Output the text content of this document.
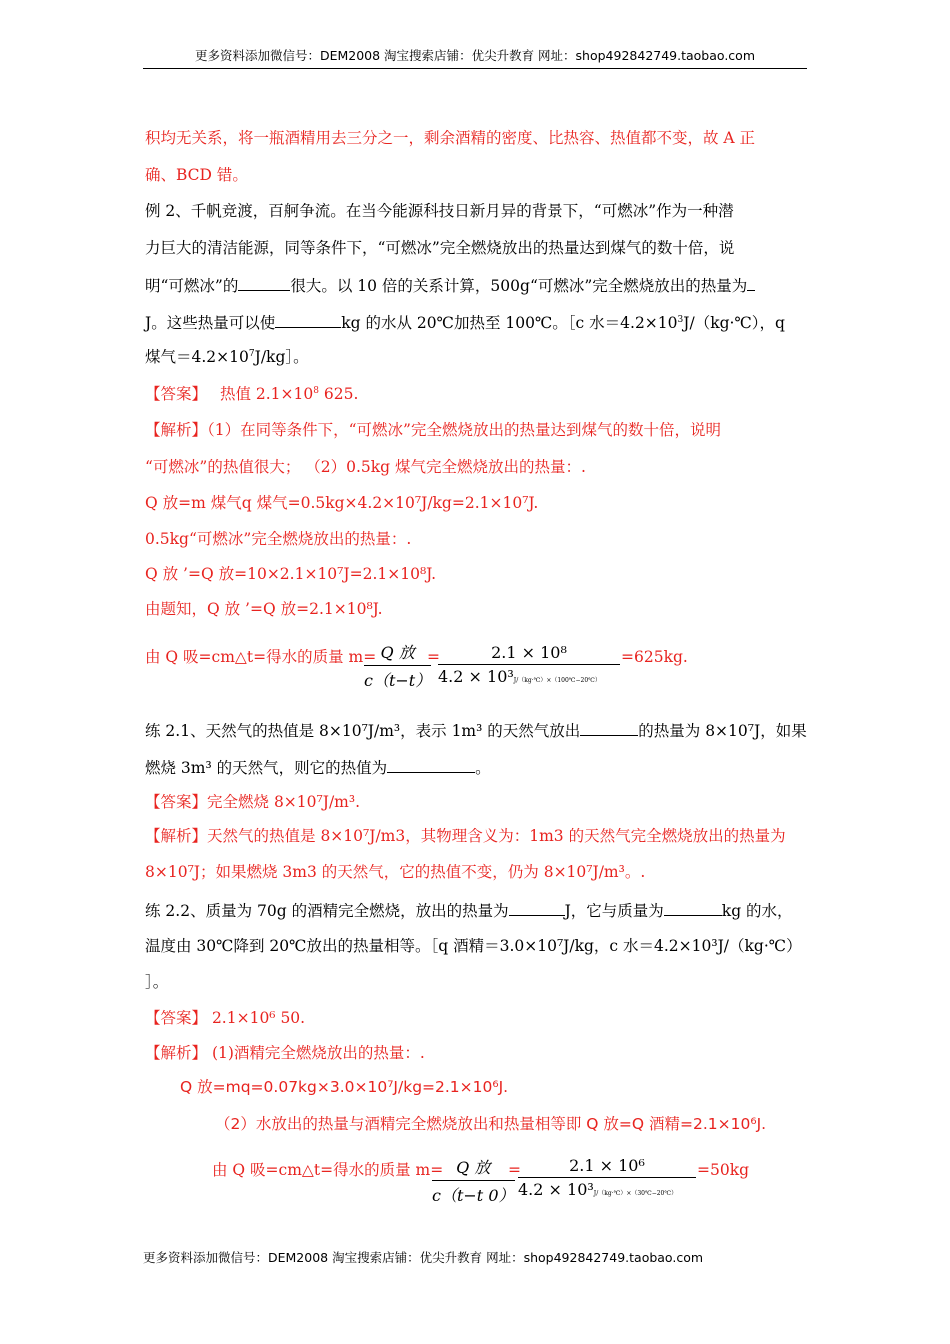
更多资料添加微信号：DEM2008 淘宝搜索店铺：优尖升教育 网址：shop492842749.taobao.com
积均无关系，将一瓶酒精用去三分之一，剩余酒精的密度、比热容、热值都不变，故 A 正
确、BCD 错。
例 2、千帆竞渡，百舸争流。在当今能源科技日新月异的背景下，“可燃冰”作为一种潜
力巨大的清洁能源，同等条件下，“可燃冰”完全燃烧放出的热量达到煤气的数十倍，说
明“可燃冰”的	很大。以 10 倍的关系计算，500g“可燃冰”完全燃烧放出的热量为
J。这些热量可以使	kg 的水从 20℃加热至 100℃。［c 水$=4.2\times 10^3J/(kg\cdot℃)$，q
煤气$=4.2\times 10^7J/kg]$。
【答案】 热值 $2.1\times 10^8$ 625.
【解析】（1）在同等条件下，“可燃冰”完全燃烧放出的热量达到煤气的数十倍，说明
“可燃冰”的热值很大； （2）0.5kg 煤气完全燃烧放出的热量：.
Q 放=m 煤气q 煤气=0.5kg×4.2×10⁷J/kg=2.1×10⁷J.
0.5kg“可燃冰”完全燃烧放出的热量：.
Q 放 ’=Q 放=10×2.1×10⁷J=2.1×10⁸J.
由题知，Q 放 ’=Q 放=2.1×10⁸J.
由 Q 吸=cm△t=得水的质量 m= Q 放
c（t−t）
=
$\frac{\text{2.1 × 10⁸}}{\text{4.2 × 10³J/（kg·℃）×（100℃−20℃）}} =625kg$.
练 2.1、天然气的热值是 8×10⁷J/m³，表示 1m³ 的天然气放出	的热量为 8×10⁷J，如果
燃烧 3m³ 的天然气，则它的热值为	。
【答案】完全燃烧 8×10⁷J/m³.
【解析】天然气的热值是 8×10⁷J/m3，其物理含义为：1m3 的天然气完全燃烧放出的热量为
8×10⁷J；如果燃烧 3m3 的天然气，它的热值不变，仍为 8×10⁷J/m³。.
练 2.2、质量为 70g 的酒精完全燃烧，放出的热量为	J，它与质量为	kg 的水，
温度由 30℃降到 20℃放出的热量相等。［q 酒精＝3.0×10⁷J/kg，c 水＝4.2×10³J/（kg·℃）
］。
【答案】 2.1×10⁶ 50.
【解析】 (1)酒精完全燃烧放出的热量：.
Q 放=mq=0.07kg×3.0×10⁷J/kg=2.1×10⁶J.
（2）水放出的热量与酒精完全燃烧放出和热量相等即 Q 放=Q 酒精=2.1×10⁶J.
由 Q 吸=cm△t=得水的质量 m= Q 放
c（t−t 0）
=
$\frac{\text{2.1 × 10⁶}}{\text{4.2 × 10³J/（kg·℃）×（30℃−20℃）}} =50kg$
更多资料添加微信号：DEM2008 淘宝搜索店铺：优尖升教育 网址：shop492842749.taobao.com
